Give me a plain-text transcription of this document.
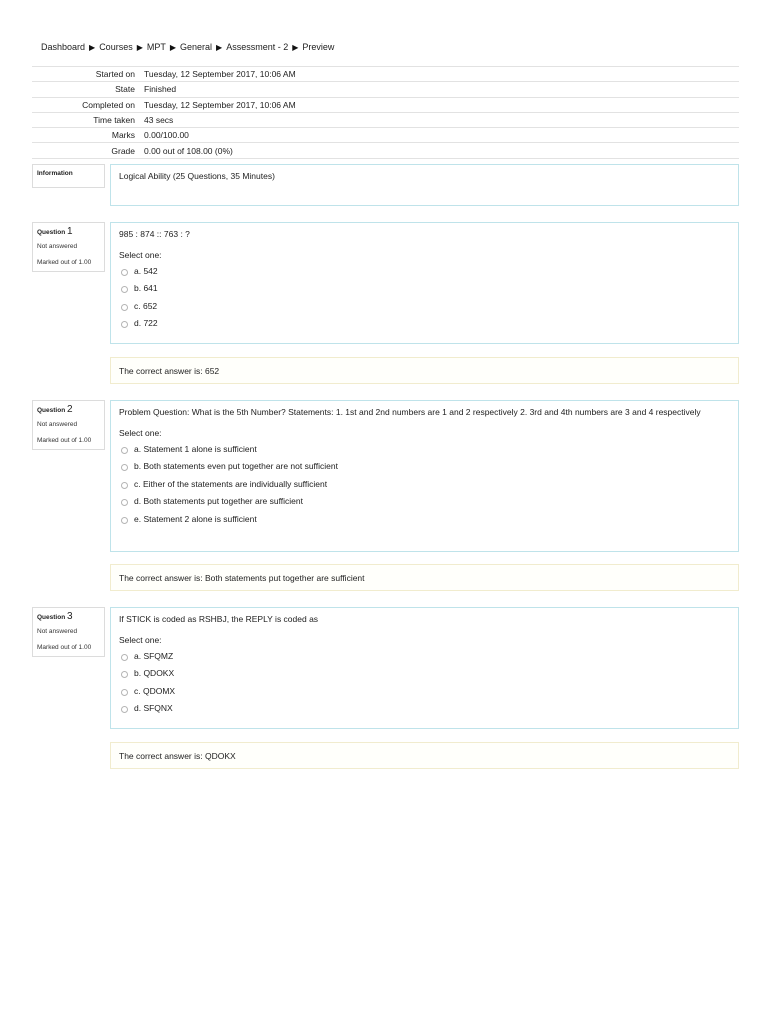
Dashboard ▶ Courses ▶ MPT ▶ General ▶ Assessment - 2 ▶ Preview
Started on	Tuesday, 12 September 2017, 10:06 AM
State	Finished
Completed on	Tuesday, 12 September 2017, 10:06 AM
Time taken	43 secs
Marks	0.00/100.00
Grade	0.00 out of 108.00 (0%)
Information	Logical Ability (25 Questions, 35 Minutes)
Question 1
Not answered
Marked out of 1.00
985 : 874 :: 763 : ?
Select one:
a. 542
b. 641
c. 652
d. 722
The correct answer is: 652
Question 2
Not answered
Marked out of 1.00
Problem Question: What is the 5th Number? Statements: 1. 1st and 2nd numbers are 1 and 2 respectively 2. 3rd and 4th numbers are 3 and 4 respectively
Select one:
a. Statement 1 alone is sufficient
b. Both statements even put together are not sufficient
c. Either of the statements are individually sufficient
d. Both statements put together are sufficient
e. Statement 2 alone is sufficient
The correct answer is: Both statements put together are sufficient
Question 3
Not answered
Marked out of 1.00
If STICK is coded as RSHBJ, the REPLY is coded as
Select one:
a. SFQMZ
b. QDOKX
c. QDOMX
d. SFQNX
The correct answer is: QDOKX
